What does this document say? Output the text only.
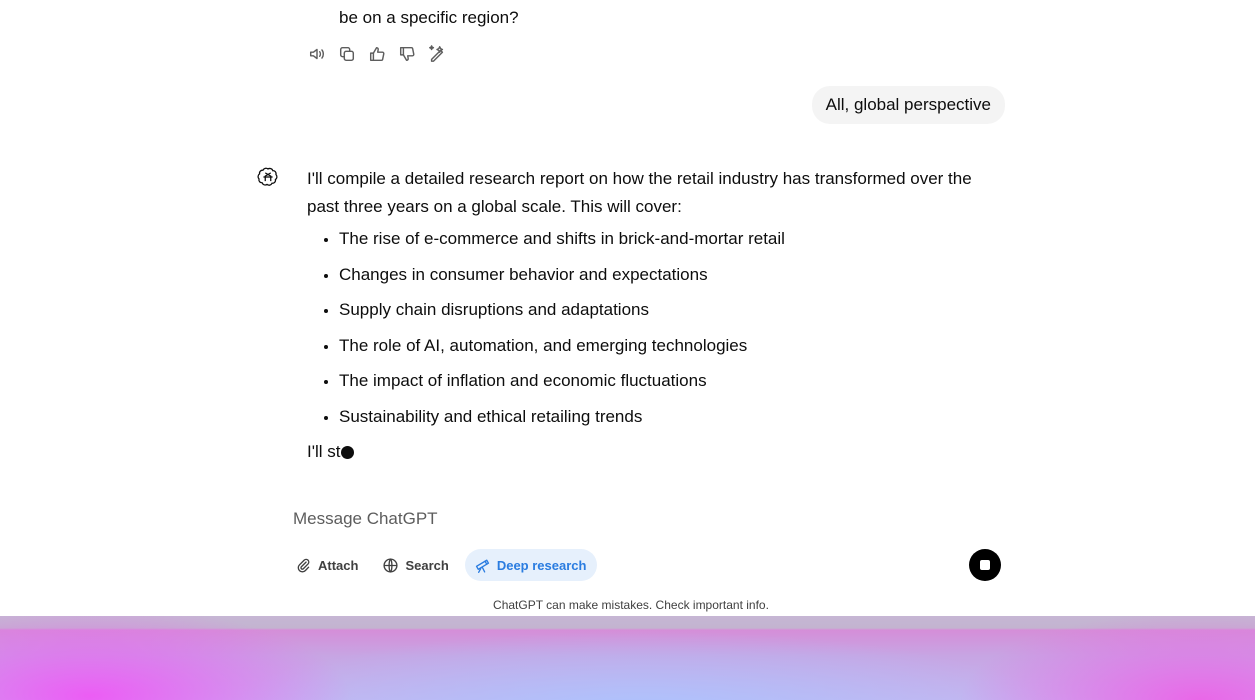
be on a specific region?
All, global perspective

I'll compile a detailed research report on how the retail industry has transformed over the past three years on a global scale. This will cover:

• The rise of e-commerce and shifts in brick-and-mortar retail
• Changes in consumer behavior and expectations
• Supply chain disruptions and adaptations
• The role of AI, automation, and emerging technologies
• The impact of inflation and economic fluctuations
• Sustainability and ethical retailing trends
I'll st
Message ChatGPT
Attach	Search	Deep research
ChatGPT can make mistakes. Check important info.
